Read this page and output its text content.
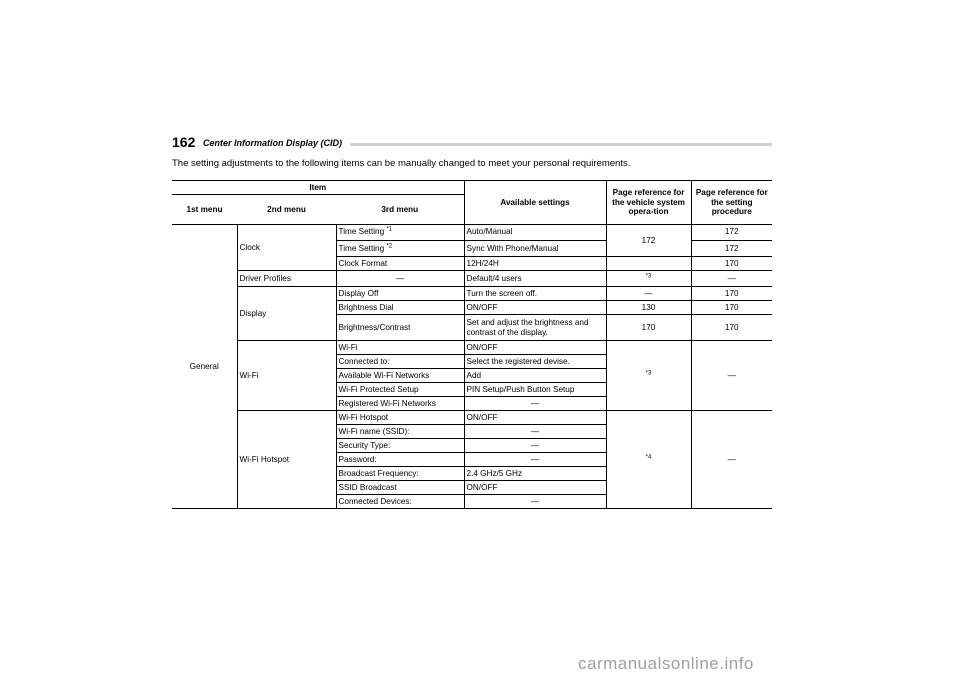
162 Center Information Display (CID)
The setting adjustments to the following items can be manually changed to meet your personal requirements.
Item			Available settings	Page reference for the vehicle system opera-tion	Page reference for the setting procedure
1st menu	2nd menu	3rd menu			
General	Clock	Time Setting $^{*1}$	Auto/Manual	172	172
		Time Setting $^{*2}$	Sync With Phone/Manual		172
		Clock Format	12H/24H		170
	Driver Profiles	—	Default/4 users	$^{*3}$	—
	Display	Display Off	Turn the screen off.	—	170
		Brightness Dial	ON/OFF	130	170
		Brightness/Contrast	Set and adjust the brightness and contrast of the display.	170	170
	Wi-Fi	Wi-Fi	ON/OFF	$^{*3}$	—
		Connected to:	Select the registered devise.		
		Available Wi-Fi Networks	Add		
		Wi-Fi Protected Setup	PIN Setup/Push Button Setup		
		Registered Wi-Fi Networks	—		
	Wi-Fi Hotspot	Wi-Fi Hotspot	ON/OFF	$^{*4}$	—
		Wi-Fi name (SSID):	—		
		Security Type:	—		
		Password:	—		
		Broadcast Frequency:	2.4 GHz/5 GHz		
		SSID Broadcast	ON/OFF		
		Connected Devices:	—		
carmanualsonline.info
